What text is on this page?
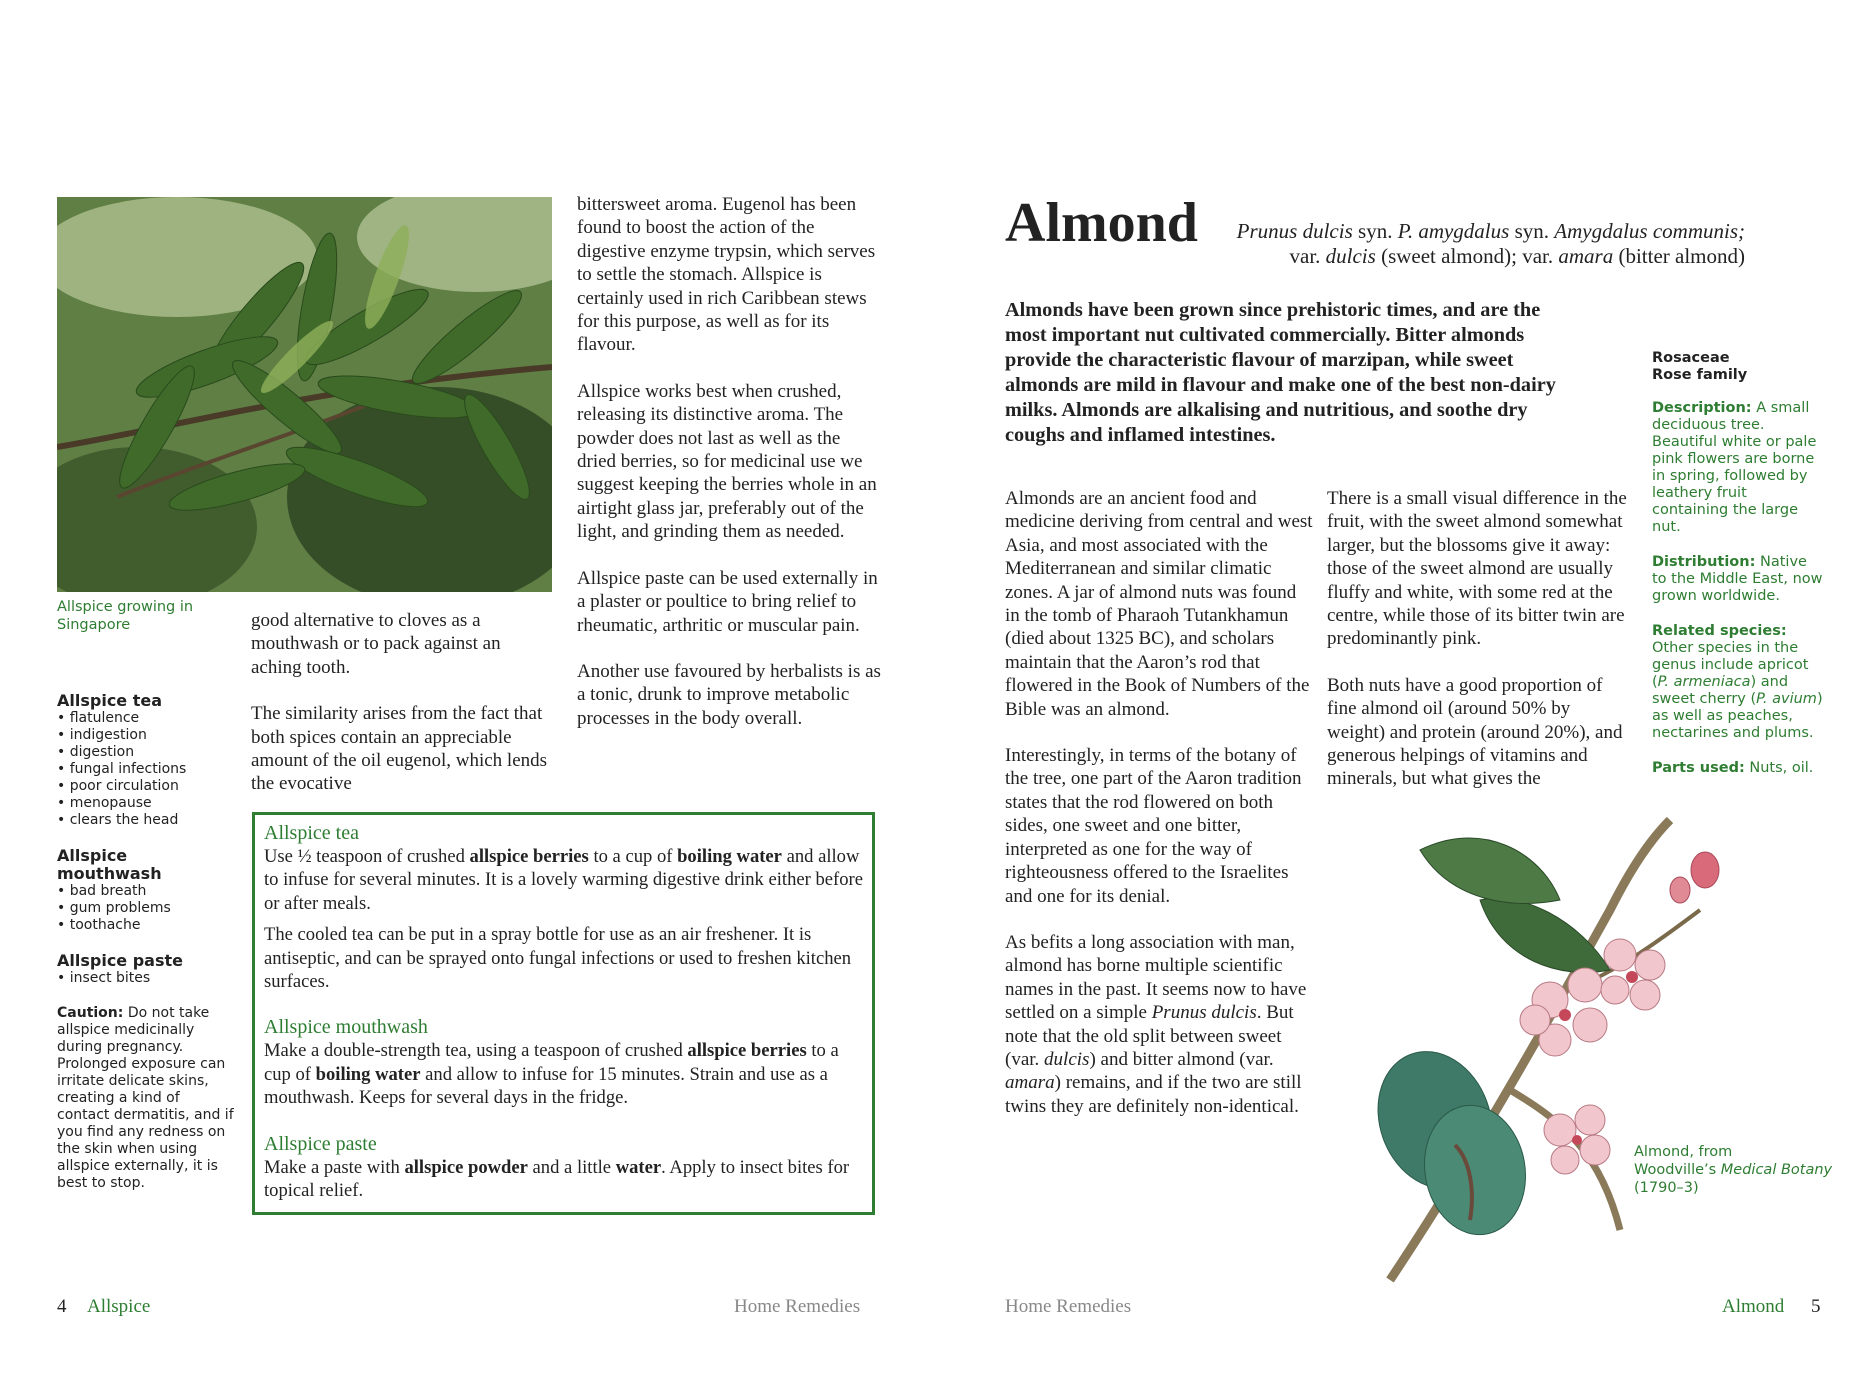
Allspice growing in
Singapore

Allspice tea

• flatulence
• indigestion
• digestion
• fungal infections
• poor circulation
• menopause
• clears the head

Allspice mouthwash

• bad breath
• gum problems
• toothache

Allspice paste

• insect bites
Caution: Do not take allspice medicinally during pregnancy. Prolonged exposure can irritate delicate skins, creating a kind of contact dermatitis, and if you find any redness on the skin when using allspice externally, it is best to stop.

good alternative to cloves as a mouthwash or to pack against an aching tooth.

The similarity arises from the fact that both spices contain an appreciable amount of the oil eugenol, which lends the evocative

bittersweet aroma. Eugenol has been found to boost the action of the digestive enzyme trypsin, which serves to settle the stomach. Allspice is certainly used in rich Caribbean stews for this purpose, as well as for its flavour.

Allspice works best when crushed, releasing its distinctive aroma. The powder does not last as well as the dried berries, so for medicinal use we suggest keeping the berries whole in an airtight glass jar, preferably out of the light, and grinding them as needed.

Allspice paste can be used externally in a plaster or poultice to bring relief to rheumatic, arthritic or muscular pain.

Another use favoured by herbalists is as a tonic, drunk to improve metabolic processes in the body overall.

Allspice tea

Use ½ teaspoon of crushed allspice berries to a cup of boiling water and allow to infuse for several minutes. It is a lovely warming digestive drink either before or after meals.

The cooled tea can be put in a spray bottle for use as an air freshener. It is antiseptic, and can be sprayed onto fungal infections or used to freshen kitchen surfaces.

Allspice mouthwash

Make a double-strength tea, using a teaspoon of crushed allspice berries to a cup of boiling water and allow to infuse for 15 minutes. Strain and use as a mouthwash. Keeps for several days in the fridge.

Allspice paste

Make a paste with allspice powder and a little water. Apply to insect bites for topical relief.

4 Allspice	Home Remedies
Almond	Prunus dulcis syn. P. amygdalus syn. Amygdalus communis;
var. dulcis (sweet almond); var. amara (bitter almond)
Almonds have been grown since prehistoric times, and are the
most important nut cultivated commercially. Bitter almonds
provide the characteristic flavour of marzipan, while sweet
almonds are mild in flavour and make one of the best non-dairy
milks. Almonds are alkalising and nutritious, and soothe dry
coughs and inflamed intestines.

Almonds are an ancient food and medicine deriving from central and west Asia, and most associated with the Mediterranean and similar climatic zones. A jar of almond nuts was found in the tomb of Pharaoh Tutankhamun (died about 1325 BC), and scholars maintain that the Aaron’s rod that flowered in the Book of Numbers of the Bible was an almond.

Interestingly, in terms of the botany of the tree, one part of the Aaron tradition states that the rod flowered on both sides, one sweet and one bitter, interpreted as one for the way of righteousness offered to the Israelites and one for its denial.

As befits a long association with man, almond has borne multiple scientific names in the past. It seems now to have settled on a simple Prunus dulcis. But note that the old split between sweet (var. dulcis) and bitter almond (var. amara) remains, and if the two are still twins they are definitely non-identical.

There is a small visual difference in the fruit, with the sweet almond somewhat larger, but the blossoms give it away: those of the sweet almond are usually fluffy and white, with some red at the centre, while those of its bitter twin are predominantly pink.

Both nuts have a good proportion of fine almond oil (around 50% by weight) and protein (around 20%), and generous helpings of vitamins and minerals, but what gives the

Rosaceae
Rose family

Description: A small deciduous tree. Beautiful white or pale pink flowers are borne in spring, followed by leathery fruit containing the large nut.

Distribution: Native to the Middle East, now grown worldwide.

Related species: Other species in the genus include apricot (P. armeniaca) and sweet cherry (P. avium) as well as peaches, nectarines and plums.

Parts used: Nuts, oil.

Almond, from
Woodville’s Medical Botany
(1790–3)
Home Remedies	Almond 5
